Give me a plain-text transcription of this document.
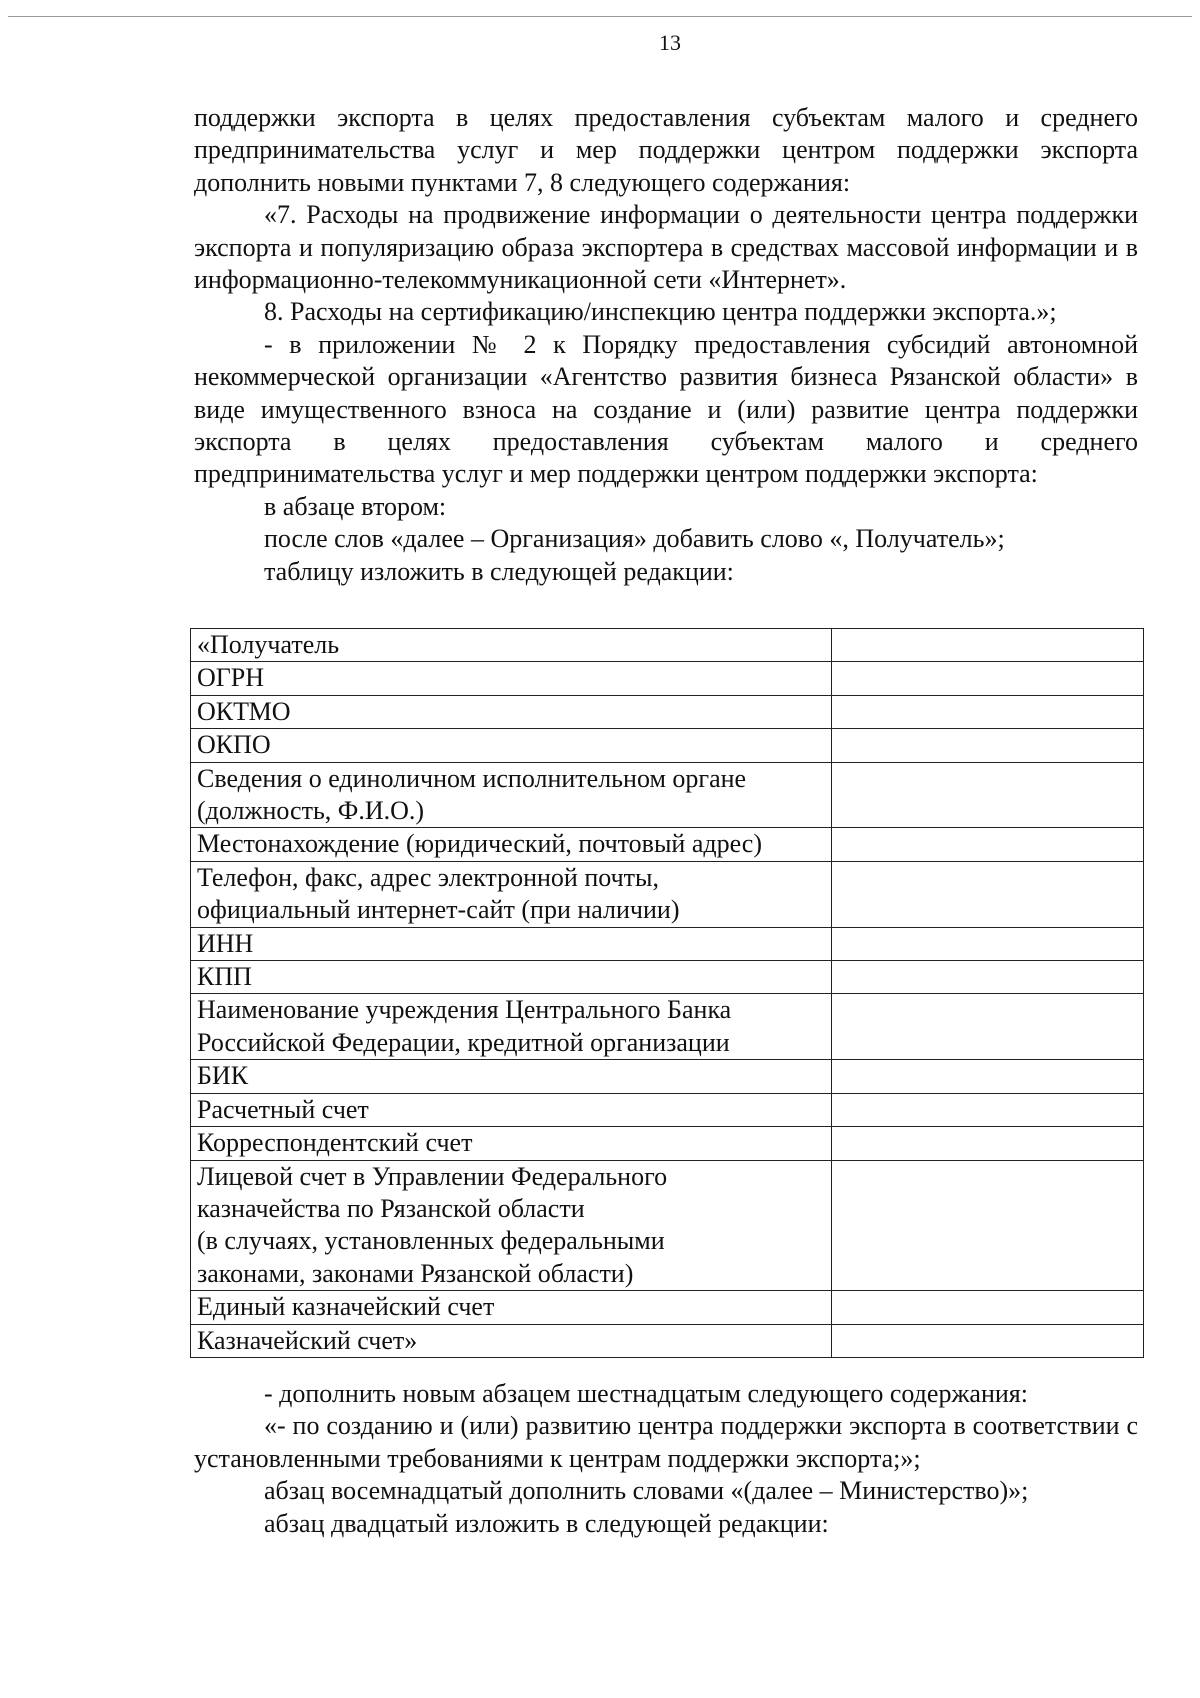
13

поддержки экспорта в целях предоставления субъектам малого и среднего предпринимательства услуг и мер поддержки центром поддержки экспорта дополнить новыми пунктами 7, 8 следующего содержания:

«7. Расходы на продвижение информации о деятельности центра поддержки экспорта и популяризацию образа экспортера в средствах массовой информации и в информационно-телекоммуникационной сети «Интернет».

8. Расходы на сертификацию/инспекцию центра поддержки экспорта.»;

- в приложении № 2 к Порядку предоставления субсидий автономной некоммерческой организации «Агентство развития бизнеса Рязанской области» в виде имущественного взноса на создание и (или) развитие центра поддержки экспорта в целях предоставления субъектам малого и среднего предпринимательства услуг и мер поддержки центром поддержки экспорта:

в абзаце втором:

после слов «далее – Организация» добавить слово «, Получатель»;

таблицу изложить в следующей редакции:

«Получатель	

ОГРН	

ОКТМО	

ОКПО	

Сведения о единоличном исполнительном органе
(должность, Ф.И.О.)	

Местонахождение (юридический, почтовый адрес)	

Телефон, факс, адрес электронной почты,
официальный интернет-сайт (при наличии)	

ИНН	

КПП	

Наименование учреждения Центрального Банка
Российской Федерации, кредитной организации	

БИК	

Расчетный счет	

Корреспондентский счет	

Лицевой счет в Управлении Федерального
казначейства по Рязанской области
(в случаях, установленных федеральными
законами, законами Рязанской области)	

Единый казначейский счет	

Казначейский счет»	

- дополнить новым абзацем шестнадцатым следующего содержания:

«- по созданию и (или) развитию центра поддержки экспорта в соответствии с установленными требованиями к центрам поддержки экспорта;»;

абзац восемнадцатый дополнить словами «(далее – Министерство)»;

абзац двадцатый изложить в следующей редакции:
